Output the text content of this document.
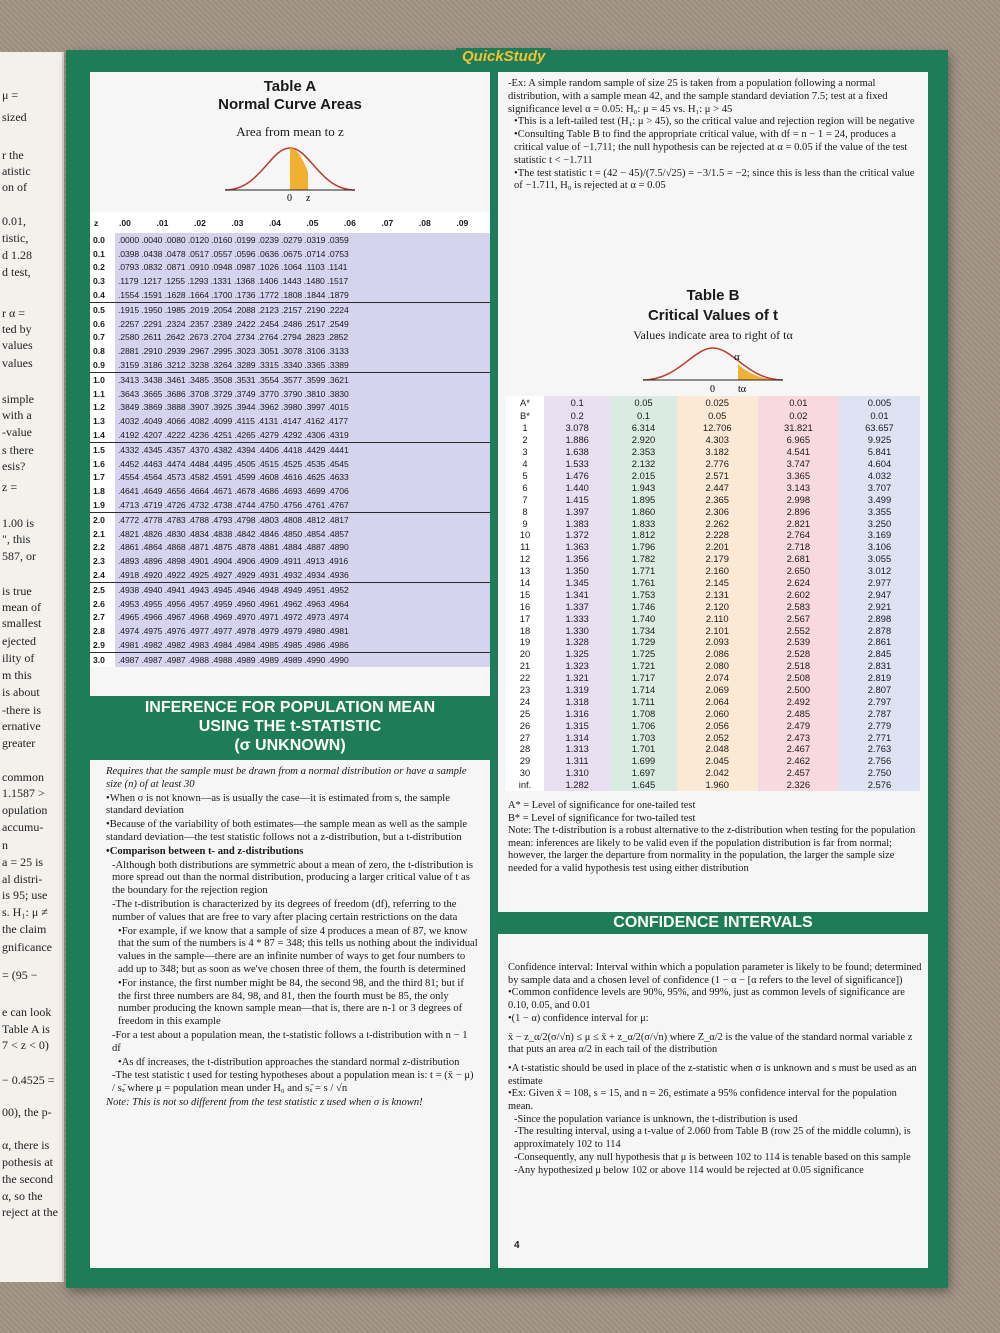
μ =
sized
r the
atistic
on of
0.01,
tistic,
d 1.28
d test,
r α =
ted by
values
values
simple
with a
-value
s there
esis?
z =
1.00 is
", this
587, or
is true
mean of
smallest
ejected
ility of
m this
is about
-there is
ernative
greater
common
1.1587 >
opulation
accumu-
n
a = 25 is
al distri-
is 95; use
s. H₁: μ ≠
the claim
gnificance
= (95 −
e can look
Table A is
7 < z < 0)
− 0.4525 =
00), the p-
α, there is
pothesis at
the second
α, so the
reject at the
QuickStudy
Table A
Normal Curve Areas
Area from mean to z
0 z
z	.00	.01	.02	.03	.04	.05	.06	.07	.08	.09
0.0	.0000 .0040 .0080 .0120 .0160 .0199 .0239 .0279 .0319 .0359									
0.1	.0398 .0438 .0478 .0517 .0557 .0596 .0636 .0675 .0714 .0753									
0.2	.0793 .0832 .0871 .0910 .0948 .0987 .1026 .1064 .1103 .1141									
0.3	.1179 .1217 .1255 .1293 .1331 .1368 .1406 .1443 .1480 .1517									
0.4	.1554 .1591 .1628 .1664 .1700 .1736 .1772 .1808 .1844 .1879									
0.5	.1915 .1950 .1985 .2019 .2054 .2088 .2123 .2157 .2190 .2224									
0.6	.2257 .2291 .2324 .2357 .2389 .2422 .2454 .2486 .2517 .2549									
0.7	.2580 .2611 .2642 .2673 .2704 .2734 .2764 .2794 .2823 .2852									
0.8	.2881 .2910 .2939 .2967 .2995 .3023 .3051 .3078 .3106 .3133									
0.9	.3159 .3186 .3212 .3238 .3264 .3289 .3315 .3340 .3365 .3389									
1.0	.3413 .3438 .3461 .3485 .3508 .3531 .3554 .3577 .3599 .3621									
1.1	.3643 .3665 .3686 .3708 .3729 .3749 .3770 .3790 .3810 .3830									
1.2	.3849 .3869 .3888 .3907 .3925 .3944 .3962 .3980 .3997 .4015									
1.3	.4032 .4049 .4066 .4082 .4099 .4115 .4131 .4147 .4162 .4177									
1.4	.4192 .4207 .4222 .4236 .4251 .4265 .4279 .4292 .4306 .4319									
1.5	.4332 .4345 .4357 .4370 .4382 .4394 .4406 .4418 .4429 .4441									
1.6	.4452 .4463 .4474 .4484 .4495 .4505 .4515 .4525 .4535 .4545									
1.7	.4554 .4564 .4573 .4582 .4591 .4599 .4608 .4616 .4625 .4633									
1.8	.4641 .4649 .4656 .4664 .4671 .4678 .4686 .4693 .4699 .4706									
1.9	.4713 .4719 .4726 .4732 .4738 .4744 .4750 .4756 .4761 .4767									
2.0	.4772 .4778 .4783 .4788 .4793 .4798 .4803 .4808 .4812 .4817									
2.1	.4821 .4826 .4830 .4834 .4838 .4842 .4846 .4850 .4854 .4857									
2.2	.4861 .4864 .4868 .4871 .4875 .4878 .4881 .4884 .4887 .4890									
2.3	.4893 .4896 .4898 .4901 .4904 .4906 .4909 .4911 .4913 .4916									
2.4	.4918 .4920 .4922 .4925 .4927 .4929 .4931 .4932 .4934 .4936									
2.5	.4938 .4940 .4941 .4943 .4945 .4946 .4948 .4949 .4951 .4952									
2.6	.4953 .4955 .4956 .4957 .4959 .4960 .4961 .4962 .4963 .4964									
2.7	.4965 .4966 .4967 .4968 .4969 .4970 .4971 .4972 .4973 .4974									
2.8	.4974 .4975 .4976 .4977 .4977 .4978 .4979 .4979 .4980 .4981									
2.9	.4981 .4982 .4982 .4983 .4984 .4984 .4985 .4985 .4986 .4986									
3.0	.4987 .4987 .4987 .4988 .4988 .4989 .4989 .4989 .4990 .4990									
INFERENCE FOR POPULATION MEAN
USING THE t-STATISTIC
(σ UNKNOWN)

Requires that the sample must be drawn from a normal distribution or have a sample size (n) of at least 30

•When σ is not known—as is usually the case—it is estimated from s, the sample standard deviation

•Because of the variability of both estimates—the sample mean as well as the sample standard deviation—the test statistic follows not a z-distribution, but a t-distribution

•Comparison between t- and z-distributions

-Although both distributions are symmetric about a mean of zero, the t-distribution is more spread out than the normal distribution, producing a larger critical value of t as the boundary for the rejection region

-The t-distribution is characterized by its degrees of freedom (df), referring to the number of values that are free to vary after placing certain restrictions on the data

•For example, if we know that a sample of size 4 produces a mean of 87, we know that the sum of the numbers is 4 * 87 = 348; this tells us nothing about the individual values in the sample—there are an infinite number of ways to get four numbers to add up to 348; but as soon as we've chosen three of them, the fourth is determined

•For instance, the first number might be 84, the second 98, and the third 81; but if the first three numbers are 84, 98, and 81, then the fourth must be 85, the only number producing the known sample mean—that is, there are n-1 or 3 degrees of freedom in this example

-For a test about a population mean, the t-statistic follows a t-distribution with n − 1 df

•As df increases, the t-distribution approaches the standard normal z-distribution

-The test statistic t used for testing hypotheses about a population mean is: t = (x̄ − μ) / sₓ̄ where μ = population mean under H₀ and sₓ̄ = s / √n

Note: This is not so different from the test statistic z used when σ is known!

-Ex: A simple random sample of size 25 is taken from a population following a normal distribution, with a sample mean 42, and the sample standard deviation 7.5; test at a fixed significance level α = 0.05: H₀: μ = 45 vs. H₁: μ > 45

•This is a left-tailed test (H₁: μ > 45), so the critical value and rejection region will be negative

•Consulting Table B to find the appropriate critical value, with df = n − 1 = 24, produces a critical value of −1.711; the null hypothesis can be rejected at α = 0.05 if the value of the test statistic t < −1.711

•The test statistic t = (42 − 45)/(7.5/√25) = −3/1.5 = −2; since this is less than the critical value of −1.711, H₀ is rejected at α = 0.05

Table B
Critical Values of t
Values indicate area to right of tα
α
0 tα
A*	0.1	0.05	0.025	0.01	0.005
B*	0.2	0.1	0.05	0.02	0.01
1	3.078	6.314	12.706	31.821	63.657
2	1.886	2.920	4.303	6.965	9.925
3	1.638	2.353	3.182	4.541	5.841
4	1.533	2.132	2.776	3.747	4.604
5	1.476	2.015	2.571	3.365	4.032
6	1.440	1.943	2.447	3.143	3.707
7	1.415	1.895	2.365	2.998	3.499
8	1.397	1.860	2.306	2.896	3.355
9	1.383	1.833	2.262	2.821	3.250
10	1.372	1.812	2.228	2.764	3.169
11	1.363	1.796	2.201	2.718	3.106
12	1.356	1.782	2.179	2.681	3.055
13	1.350	1.771	2.160	2.650	3.012
14	1.345	1.761	2.145	2.624	2.977
15	1.341	1.753	2.131	2.602	2.947
16	1.337	1.746	2.120	2.583	2.921
17	1.333	1.740	2.110	2.567	2.898
18	1.330	1.734	2.101	2.552	2.878
19	1.328	1.729	2.093	2.539	2.861
20	1.325	1.725	2.086	2.528	2.845
21	1.323	1.721	2.080	2.518	2.831
22	1.321	1.717	2.074	2.508	2.819
23	1.319	1.714	2.069	2.500	2.807
24	1.318	1.711	2.064	2.492	2.797
25	1.316	1.708	2.060	2.485	2.787
26	1.315	1.706	2.056	2.479	2.779
27	1.314	1.703	2.052	2.473	2.771
28	1.313	1.701	2.048	2.467	2.763
29	1.311	1.699	2.045	2.462	2.756
30	1.310	1.697	2.042	2.457	2.750
inf.	1.282	1.645	1.960	2.326	2.576

A* = Level of significance for one-tailed test

B* = Level of significance for two-tailed test

Note: The t-distribution is a robust alternative to the z-distribution when testing for the population mean: inferences are likely to be valid even if the population distribution is far from normal; however, the larger the departure from normality in the population, the larger the sample size needed for a valid hypothesis test using either distribution

CONFIDENCE INTERVALS

Confidence interval: Interval within which a population parameter is likely to be found; determined by sample data and a chosen level of confidence (1 − α − [α refers to the level of significance])

•Common confidence levels are 90%, 95%, and 99%, just as common levels of significance are 0.10, 0.05, and 0.01

•(1 − α) confidence interval for μ:

x̄ − z_α/2(σ/√n) ≤ μ ≤ x̄ + z_α/2(σ/√n) where Z_α/2 is the value of the standard normal variable z that puts an area α/2 in each tail of the distribution

•A t-statistic should be used in place of the z-statistic when σ is unknown and s must be used as an estimate

•Ex: Given x̄ = 108, s = 15, and n = 26, estimate a 95% confidence interval for the population mean.

-Since the population variance is unknown, the t-distribution is used

-The resulting interval, using a t-value of 2.060 from Table B (row 25 of the middle column), is approximately 102 to 114

-Consequently, any null hypothesis that μ is between 102 to 114 is tenable based on this sample

-Any hypothesized μ below 102 or above 114 would be rejected at 0.05 significance

4
